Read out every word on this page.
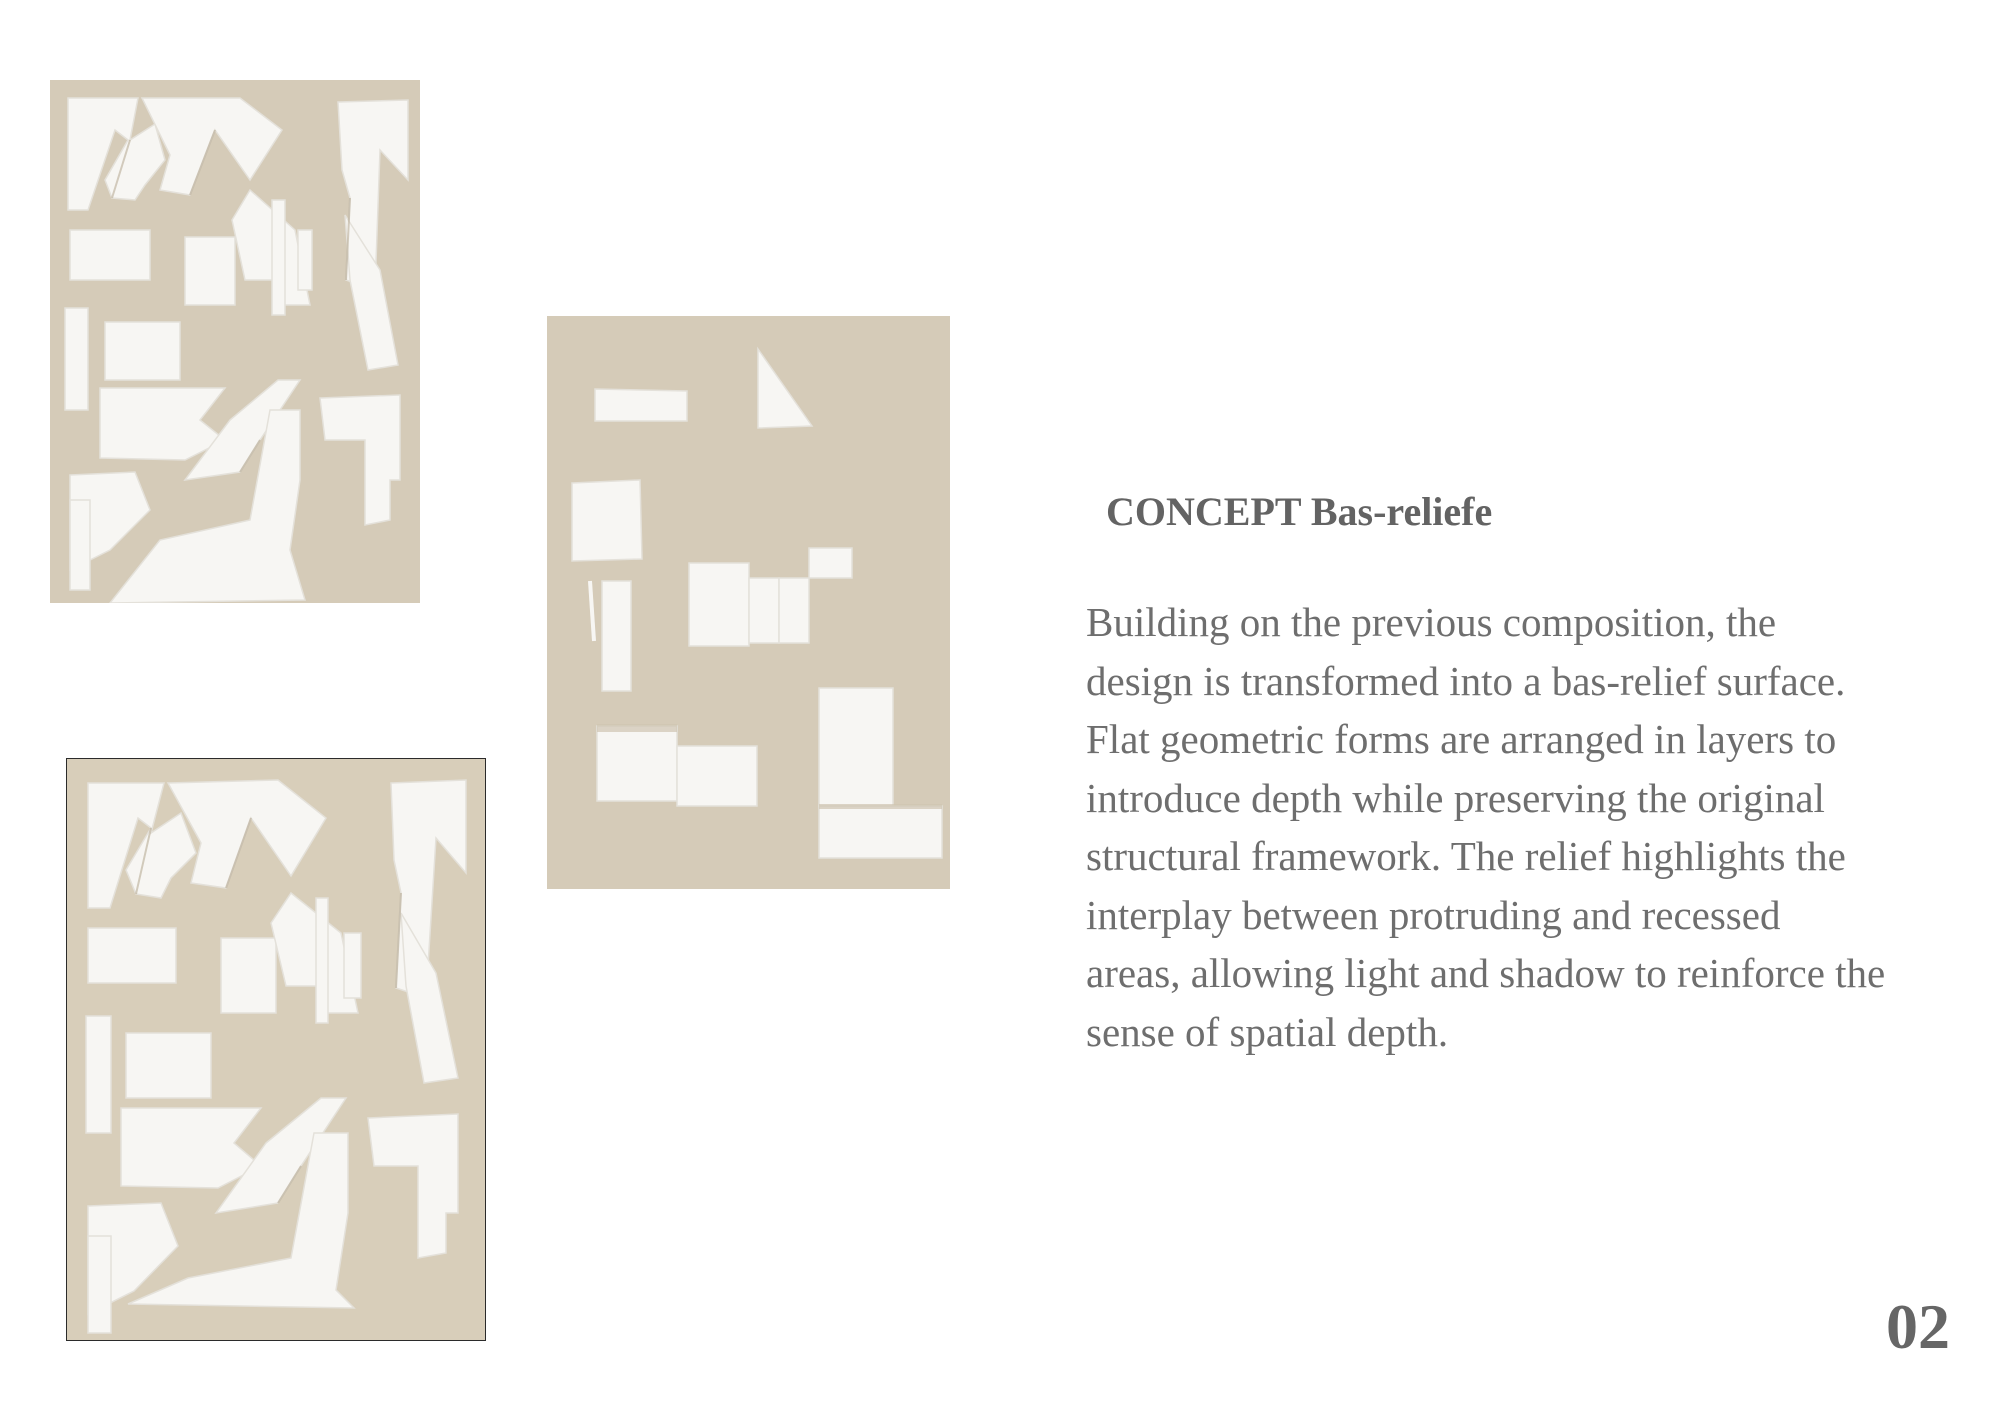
CONCEPT Bas-reliefe
Building on the previous composition, the
design is transformed into a bas-relief surface.
Flat geometric forms are arranged in layers to
introduce depth while preserving the original
structural framework. The relief highlights the
interplay between protruding and recessed
areas, allowing light and shadow to reinforce the
sense of spatial depth.
02
